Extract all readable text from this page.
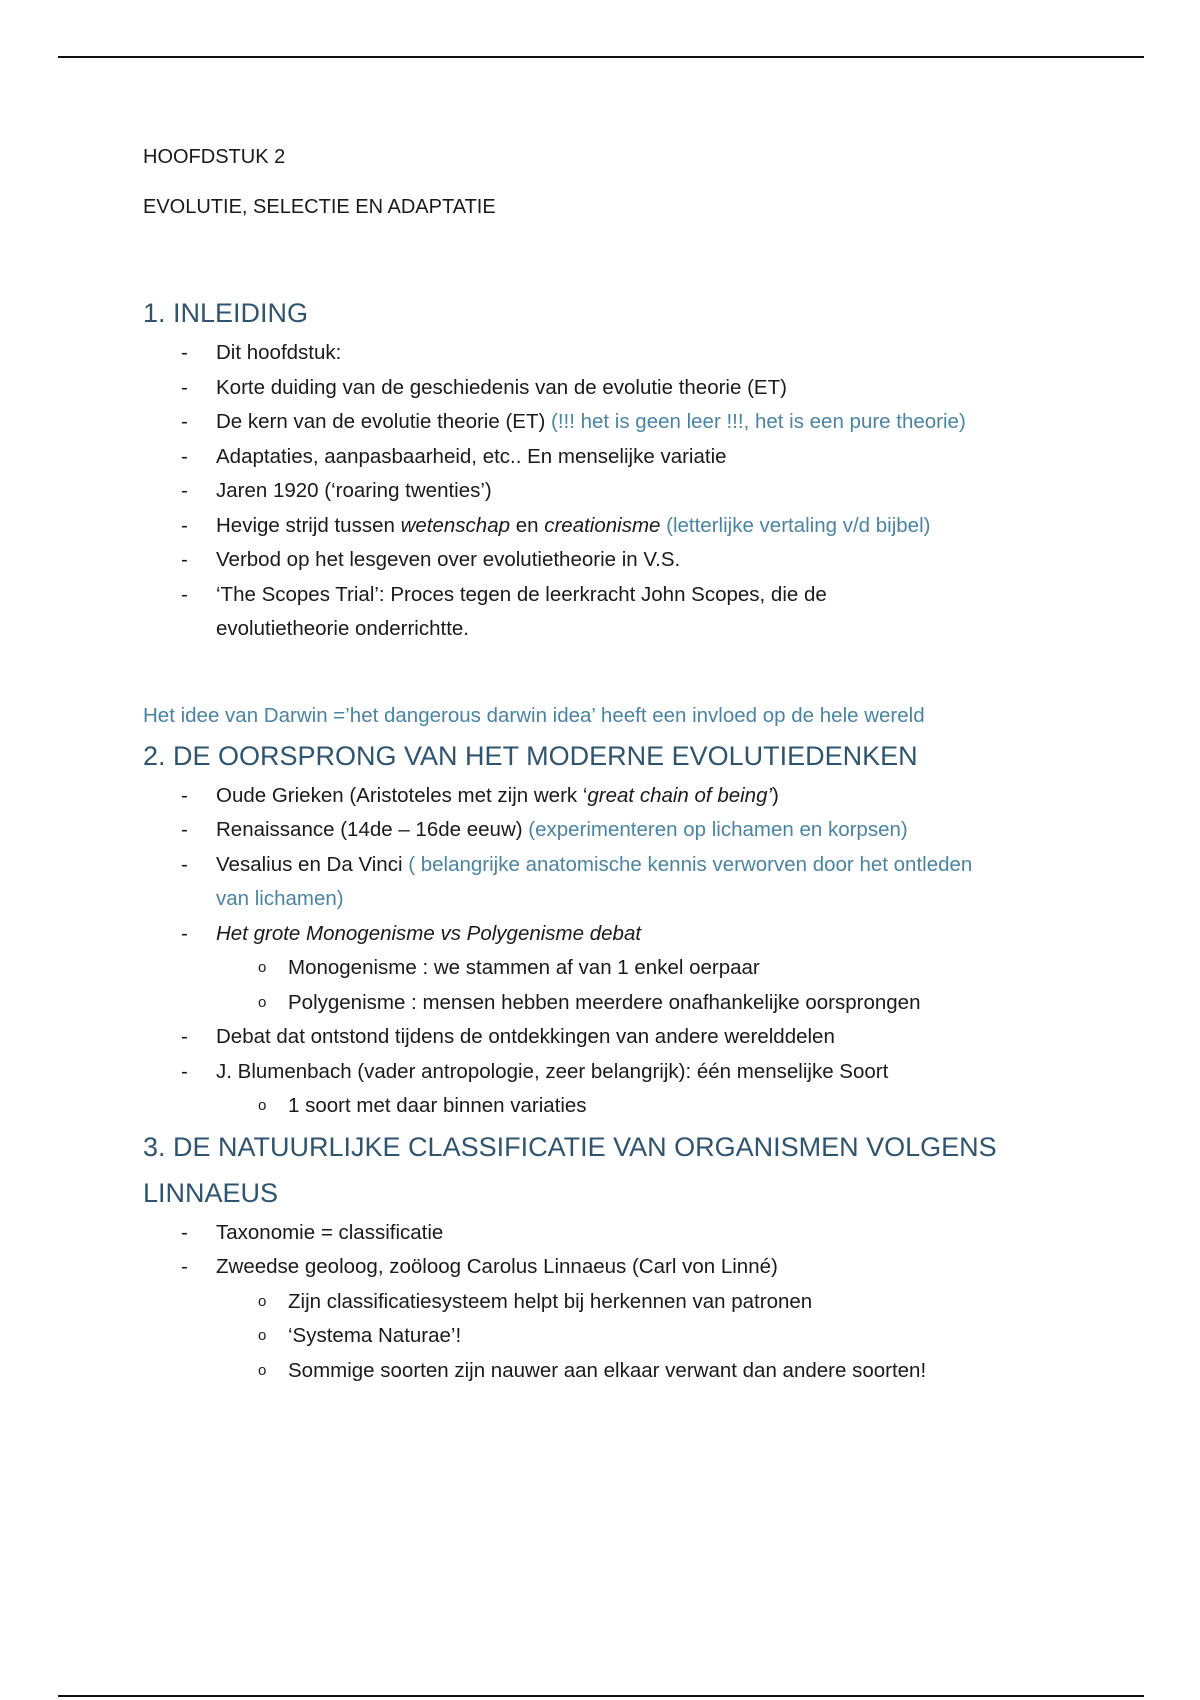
HOOFDSTUK 2

EVOLUTIE, SELECTIE EN ADAPTATIE

1. INLEIDING
-	Dit hoofdstuk:
-	Korte duiding van de geschiedenis van de evolutie theorie (ET)
-	De kern van de evolutie theorie (ET) (!!! het is geen leer !!!, het is een pure theorie)
-	Adaptaties, aanpasbaarheid, etc.. En menselijke variatie
-	Jaren 1920 (‘roaring twenties’)
-	Hevige strijd tussen wetenschap en creationisme (letterlijke vertaling v/d bijbel)
-	Verbod op het lesgeven over evolutietheorie in V.S.
-	‘The Scopes Trial’: Proces tegen de leerkracht John Scopes, die de evolutietheorie onderrichtte.

Het idee van Darwin =’het dangerous darwin idea’ heeft een invloed op de hele wereld

2. DE OORSPRONG VAN HET MODERNE EVOLUTIEDENKEN
-	Oude Grieken (Aristoteles met zijn werk ‘great chain of being’)
-	Renaissance (14de – 16de eeuw) (experimenteren op lichamen en korpsen)
-	Vesalius en Da Vinci ( belangrijke anatomische kennis verworven door het ontleden van lichamen)
-	Het grote Monogenisme vs Polygenisme debat
o Monogenisme : we stammen af van 1 enkel oerpaar
o Polygenisme : mensen hebben meerdere onafhankelijke oorsprongen
-	Debat dat ontstond tijdens de ontdekkingen van andere werelddelen
-	J. Blumenbach (vader antropologie, zeer belangrijk): één menselijke Soort
o 1 soort met daar binnen variaties
3. DE NATUURLIJKE CLASSIFICATIE VAN ORGANISMEN VOLGENS LINNAEUS
-	Taxonomie = classificatie
-	Zweedse geoloog, zoöloog Carolus Linnaeus (Carl von Linné)
o Zijn classificatiesysteem helpt bij herkennen van patronen
o ‘Systema Naturae’!
o Sommige soorten zijn nauwer aan elkaar verwant dan andere soorten!
